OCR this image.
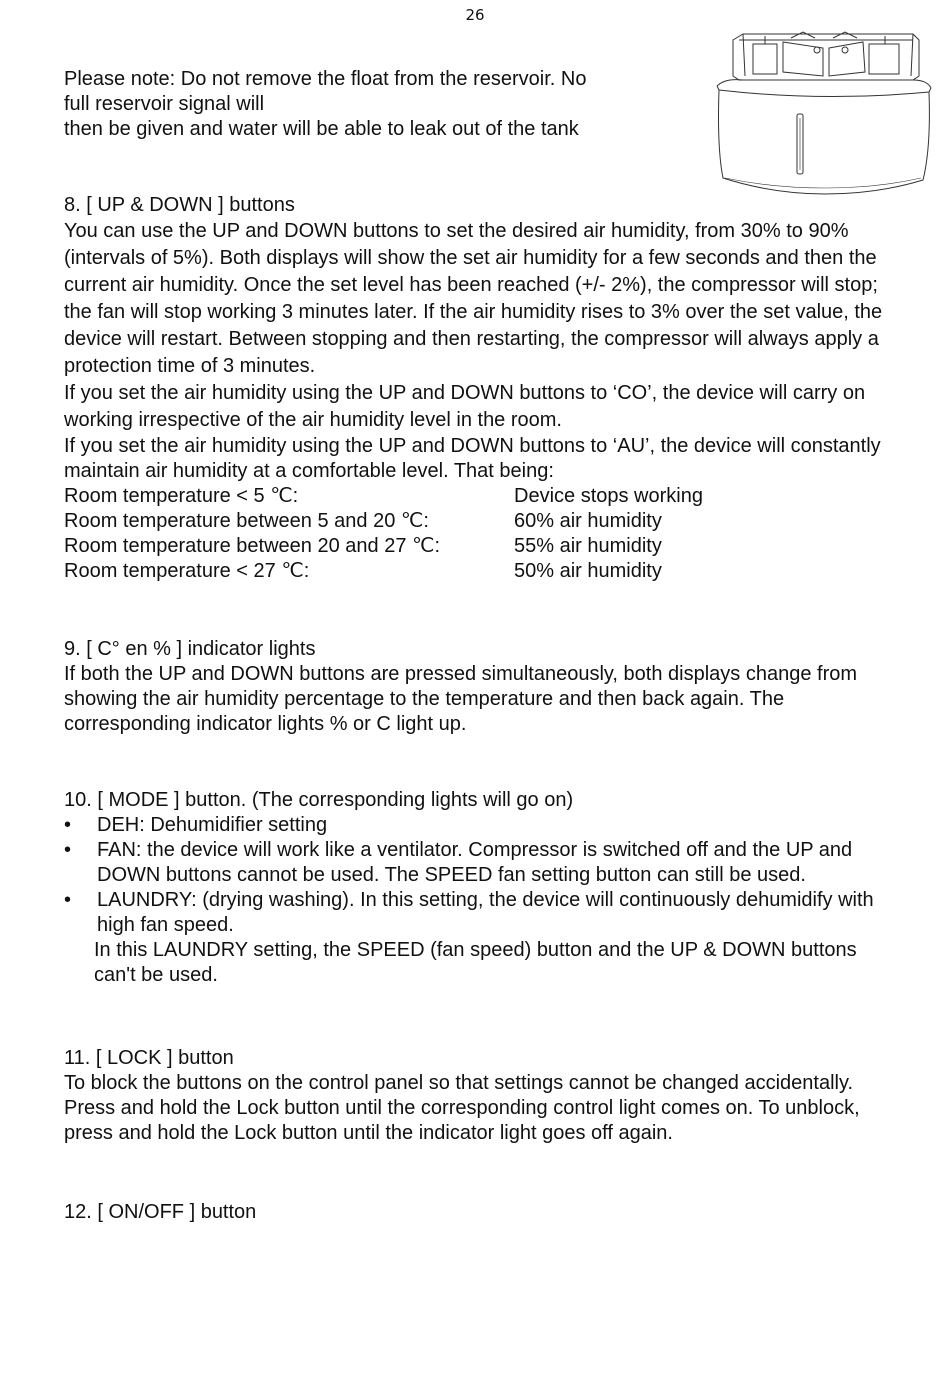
26

Please note: Do not remove the float from the reservoir. No

full reservoir signal will

then be given and water will be able to leak out of the tank

8. [ UP & DOWN ] buttons

You can use the UP and DOWN buttons to set the desired air humidity, from 30% to 90% (intervals of 5%). Both displays will show the set air humidity for a few seconds and then the current air humidity. Once the set level has been reached (+/- 2%), the compressor will stop; the fan will stop working 3 minutes later. If the air humidity rises to 3% over the set value, the device will restart. Between stopping and then restarting, the compressor will always apply a protection time of 3 minutes.

If you set the air humidity using the UP and DOWN buttons to ‘CO’, the device will carry on working irrespective of the air humidity level in the room.

If you set the air humidity using the UP and DOWN buttons to ‘AU’, the device will constantly maintain air humidity at a comfortable level. That being:

Room temperature < 5 ℃:	Device stops working
Room temperature between 5 and 20 ℃:	60% air humidity
Room temperature between 20 and 27 ℃:	55% air humidity
Room temperature < 27 ℃:	50% air humidity

9. [ C° en % ] indicator lights

If both the UP and DOWN buttons are pressed simultaneously, both displays change from showing the air humidity percentage to the temperature and then back again. The corresponding indicator lights % or C light up.

10. [ MODE ] button. (The corresponding lights will go on)

• DEH: Dehumidifier setting
• FAN: the device will work like a ventilator. Compressor is switched off and the UP and DOWN buttons cannot be used. The SPEED fan setting button can still be used.
• LAUNDRY: (drying washing). In this setting, the device will continuously dehumidify with high fan speed.

In this LAUNDRY setting, the SPEED (fan speed) button and the UP & DOWN buttons can't be used.

11. [ LOCK ] button

To block the buttons on the control panel so that settings cannot be changed accidentally. Press and hold the Lock button until the corresponding control light comes on. To unblock, press and hold the Lock button until the indicator light goes off again.

12. [ ON/OFF ] button
